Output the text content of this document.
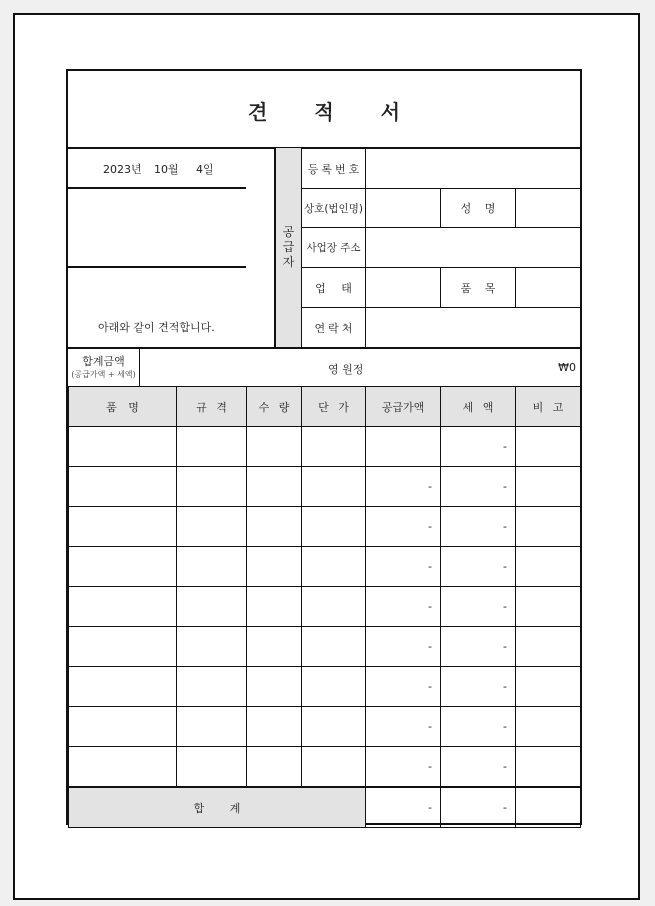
견 적 서
2023년 10월 4일
아래와 같이 견적합니다.
공
급
자
등록번호
상호(법인명)	성 명
사업장 주소
업 태	품 목
연락처
합계금액
(공급가액 + 세액)	영 원정	₩0
품 명	규 격	수 량	단 가	공급가액	세 액	비 고
					-	
				-	-	
				-	-	
				-	-	
				-	-	
				-	-	
				-	-	
				-	-	
				-	-	
합 계				-	-	
